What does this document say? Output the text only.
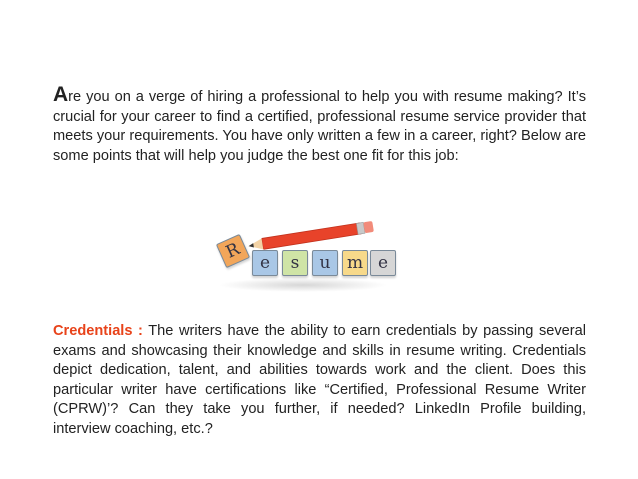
Are you on a verge of hiring a professional to help you with resume making? It’s crucial for your career to find a certified, professional resume service provider that meets your requirements. You have only written a few in a career, right? Below are some points that will help you judge the best one fit for this job:

R
e	s	u m e

Credentials : The writers have the ability to earn credentials by passing several exams and showcasing their knowledge and skills in resume writing. Credentials depict dedication, talent, and abilities towards work and the client. Does this particular writer have certifications like “Certified, Professional Resume Writer (CPRW)’? Can they take you further, if needed? LinkedIn Profile building, interview coaching, etc.?
